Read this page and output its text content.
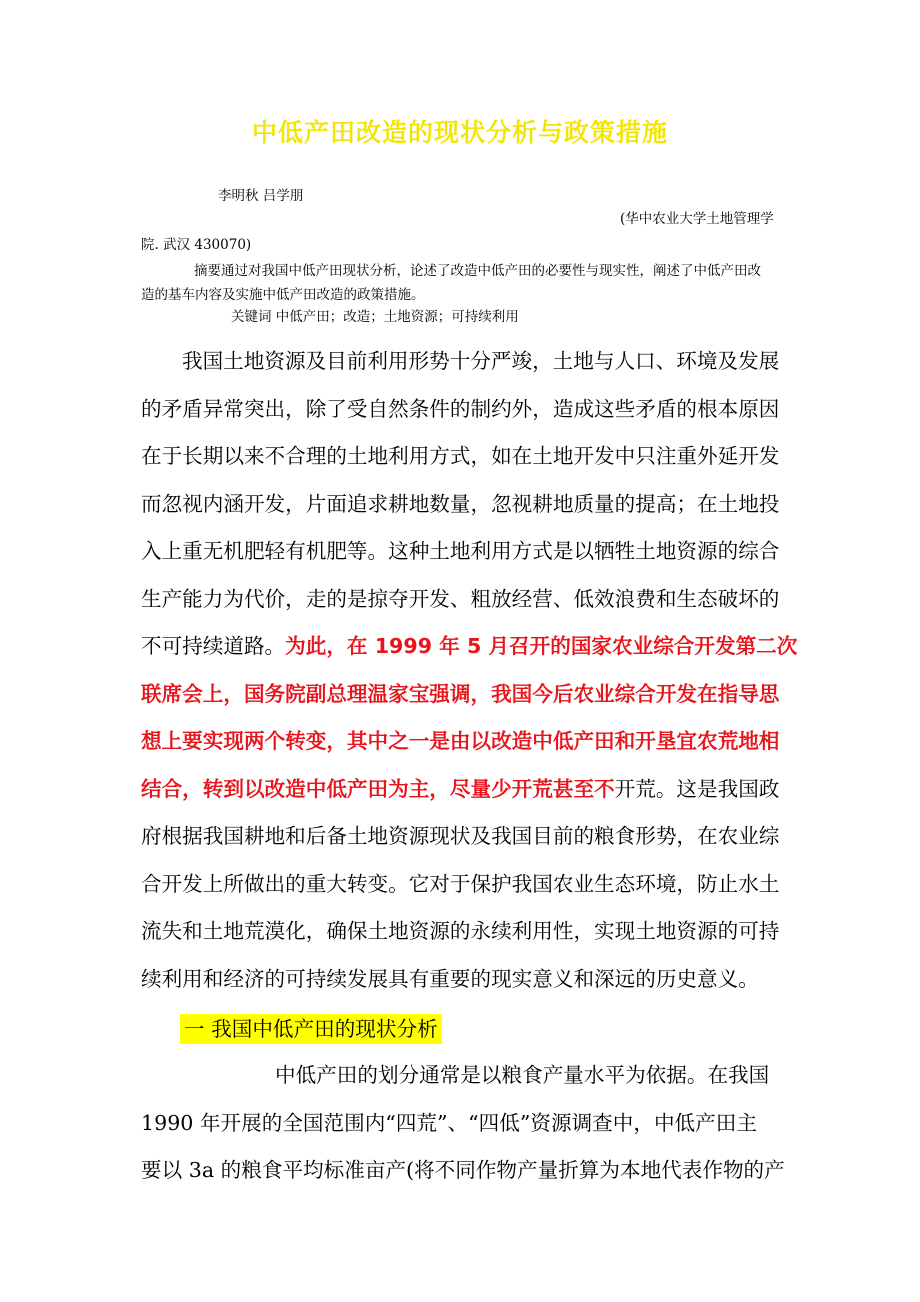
中低产田改造的现状分析与政策措施
李明秋 吕学朋
(华中农业大学土地管理学
院. 武汉 430070)
摘要通过对我国中低产田现状分析，论述了改造中低产田的必要性与现实性，阐述了中低产田改
造的基车内容及实施中低产田改造的政策措施。
关键词 中低产田；改造；土地资源；可持续利用
我国土地资源及目前利用形势十分严竣，土地与人口、环境及发展
的矛盾异常突出，除了受自然条件的制约外，造成这些矛盾的根本原因
在于长期以来不合理的土地利用方式，如在土地开发中只注重外延开发
而忽视内涵开发，片面追求耕地数量，忽视耕地质量的提高；在土地投
入上重无机肥轻有机肥等。这种土地利用方式是以牺牲土地资源的综合
生产能力为代价，走的是掠夺开发、粗放经营、低效浪费和生态破坏的
不可持续道路。为此，在 1999 年 5 月召开的国家农业综合开发第二次
联席会上，国务院副总理温家宝强调，我国今后农业综合开发在指导思
想上要实现两个转变，其中之一是由以改造中低产田和开垦宜农荒地相
结合，转到以改造中低产田为主，尽量少开荒甚至不开荒。这是我国政
府根据我国耕地和后备土地资源现状及我国目前的粮食形势，在农业综
合开发上所做出的重大转变。它对于保护我国农业生态环境，防止水土
流失和土地荒漠化，确保土地资源的永续利用性，实现土地资源的可持
续利用和经济的可持续发展具有重要的现实意义和深远的历史意义。
一 我国中低产田的现状分析
中低产田的划分通常是以粮食产量水平为依据。在我国
1990 年开展的全国范围内“四荒”、“四低”资源调查中，中低产田主
要以 3a 的粮食平均标准亩产(将不同作物产量折算为本地代表作物的产
